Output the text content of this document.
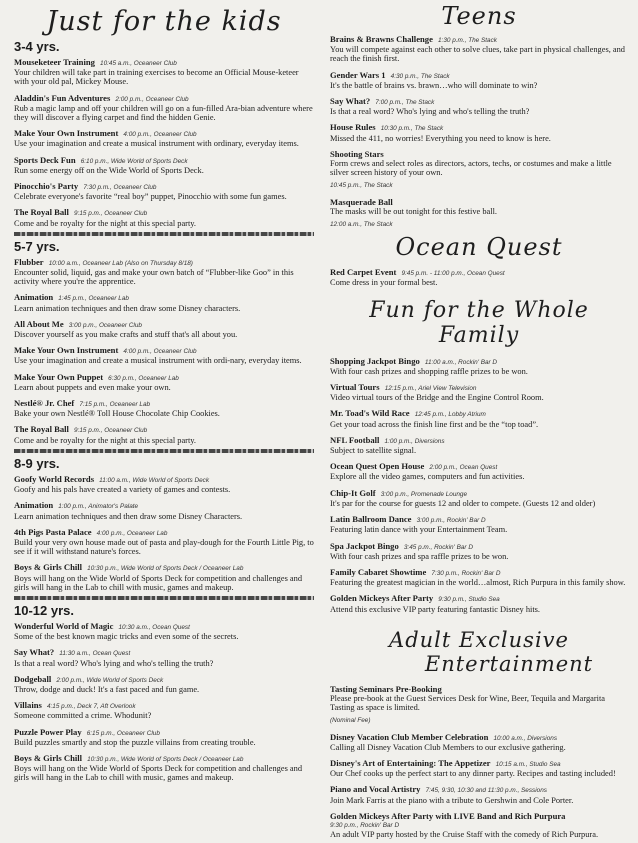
Just for the kids
3-4 yrs.
Mouseketeer Training 10:45 a.m., Oceaneer Club
Your children will take part in training exercises to become an Official Mouse-keteer with your old pal, Mickey Mouse.
Aladdin's Fun Adventures 2:00 p.m., Oceaneer Club
Rub a magic lamp and off your children will go on a fun-filled Ara-bian adventure where they will discover a flying carpet and find the hidden Genie.
Make Your Own Instrument 4:00 p.m., Oceaneer Club
Use your imagination and create a musical instrument with ordinary, everyday items.
Sports Deck Fun 6:10 p.m., Wide World of Sports Deck
Run some energy off on the Wide World of Sports Deck.
Pinocchio's Party 7:30 p.m., Oceaneer Club
Celebrate everyone's favorite “real boy” puppet, Pinocchio with some fun games.
The Royal Ball 9:15 p.m., Oceaneer Club
Come and be royalty for the night at this special party.
5-7 yrs.
Flubber 10:00 a.m., Oceaneer Lab (Also on Thursday 8/18)
Encounter solid, liquid, gas and make your own batch of “Flubber-like Goo” in this activity where you're the apprentice.
Animation 1:45 p.m., Oceaneer Lab
Learn animation techniques and then draw some Disney characters.
All About Me 3:00 p.m., Oceaneer Club
Discover yourself as you make crafts and stuff that's all about you.
Make Your Own Instrument 4:00 p.m., Oceaneer Club
Use your imagination and create a musical instrument with ordi-nary, everyday items.
Make Your Own Puppet 6:30 p.m., Oceaneer Lab
Learn about puppets and even make your own.
Nestlé® Jr. Chef 7:15 p.m., Oceaneer Lab
Bake your own Nestlé® Toll House Chocolate Chip Cookies.
The Royal Ball 9:15 p.m., Oceaneer Club
Come and be royalty for the night at this special party.
8-9 yrs.
Goofy World Records 11:00 a.m., Wide World of Sports Deck
Goofy and his pals have created a variety of games and contests.
Animation 1:00 p.m., Animator's Palate
Learn animation techniques and then draw some Disney Characters.
4th Pigs Pasta Palace 4:00 p.m., Oceaneer Lab
Build your very own house made out of pasta and play-dough for the Fourth Little Pig, to see if it will withstand nature's forces.
Boys & Girls Chill 10:30 p.m., Wide World of Sports Deck / Oceaneer Lab
Boys will hang on the Wide World of Sports Deck for competition and challenges and girls will hang in the Lab to chill with music, games and makeup.
10-12 yrs.
Wonderful World of Magic 10:30 a.m., Ocean Quest
Some of the best known magic tricks and even some of the secrets.
Say What? 11:30 a.m., Ocean Quest
Is that a real word? Who's lying and who's telling the truth?
Dodgeball 2:00 p.m., Wide World of Sports Deck
Throw, dodge and duck! It's a fast paced and fun game.
Villains 4:15 p.m., Deck 7, Aft Overlook
Someone committed a crime. Whodunit?
Puzzle Power Play 6:15 p.m., Oceaneer Club
Build puzzles smartly and stop the puzzle villains from creating trouble.
Boys & Girls Chill 10:30 p.m., Wide World of Sports Deck / Oceaneer Lab
Boys will hang on the Wide World of Sports Deck for competition and challenges and girls will hang in the Lab to chill with music, games and makeup.
Teens
Brains & Brawns Challenge 1:30 p.m., The Stack
You will compete against each other to solve clues, take part in physical challenges, and reach the finish first.
Gender Wars 1 4:30 p.m., The Stack
It's the battle of brains vs. brawn…who will dominate to win?
Say What? 7:00 p.m., The Stack
Is that a real word? Who's lying and who's telling the truth?
House Rules 10:30 p.m., The Stack
Missed the 411, no worries! Everything you need to know is here.
Shooting Stars
Form crews and select roles as directors, actors, techs, or costumes and make a little silver screen history of your own.
10:45 p.m., The Stack
Masquerade Ball
The masks will be out tonight for this festive ball.
12:00 a.m., The Stack
Ocean Quest
Red Carpet Event 9:45 p.m. - 11:00 p.m., Ocean Quest
Come dress in your formal best.
Fun for the Whole Family
Shopping Jackpot Bingo 11:00 a.m., Rockin' Bar D
With four cash prizes and shopping raffle prizes to be won.
Virtual Tours 12:15 p.m., Ariel View Television
Video virtual tours of the Bridge and the Engine Control Room.
Mr. Toad's Wild Race 12:45 p.m., Lobby Atrium
Get your toad across the finish line first and be the “top toad”.
NFL Football 1:00 p.m., Diversions
Subject to satellite signal.
Ocean Quest Open House 2:00 p.m., Ocean Quest
Explore all the video games, computers and fun activities.
Chip-It Golf 3:00 p.m., Promenade Lounge
It's par for the course for guests 12 and older to compete. (Guests 12 and older)
Latin Ballroom Dance 3:00 p.m., Rockin' Bar D
Featuring latin dance with your Entertainment Team.
Spa Jackpot Bingo 3:45 p.m., Rockin' Bar D
With four cash prizes and spa raffle prizes to be won.
Family Cabaret Showtime 7:30 p.m., Rockin' Bar D
Featuring the greatest magician in the world…almost, Rich Purpura in this family show.
Golden Mickeys After Party 9:30 p.m., Studio Sea
Attend this exclusive VIP party featuring fantastic Disney hits.
Adult Exclusive
Entertainment
Tasting Seminars Pre-Booking
Please pre-book at the Guest Services Desk for Wine, Beer, Tequila and Margarita Tasting as space is limited.
(Nominal Fee)
Disney Vacation Club Member Celebration 10:00 a.m., Diversions
Calling all Disney Vacation Club Members to our exclusive gathering.
Disney's Art of Entertaining: The Appetizer 10:15 a.m., Studio Sea
Our Chef cooks up the perfect start to any dinner party. Recipes and tasting included!
Piano and Vocal Artistry 7:45, 9:30, 10:30 and 11:30 p.m., Sessions
Join Mark Farris at the piano with a tribute to Gershwin and Cole Porter.
Golden Mickeys After Party with LIVE Band and Rich Purpura
9:30 p.m., Rockin' Bar D
An adult VIP party hosted by the Cruise Staff with the comedy of Rich Purpura.
